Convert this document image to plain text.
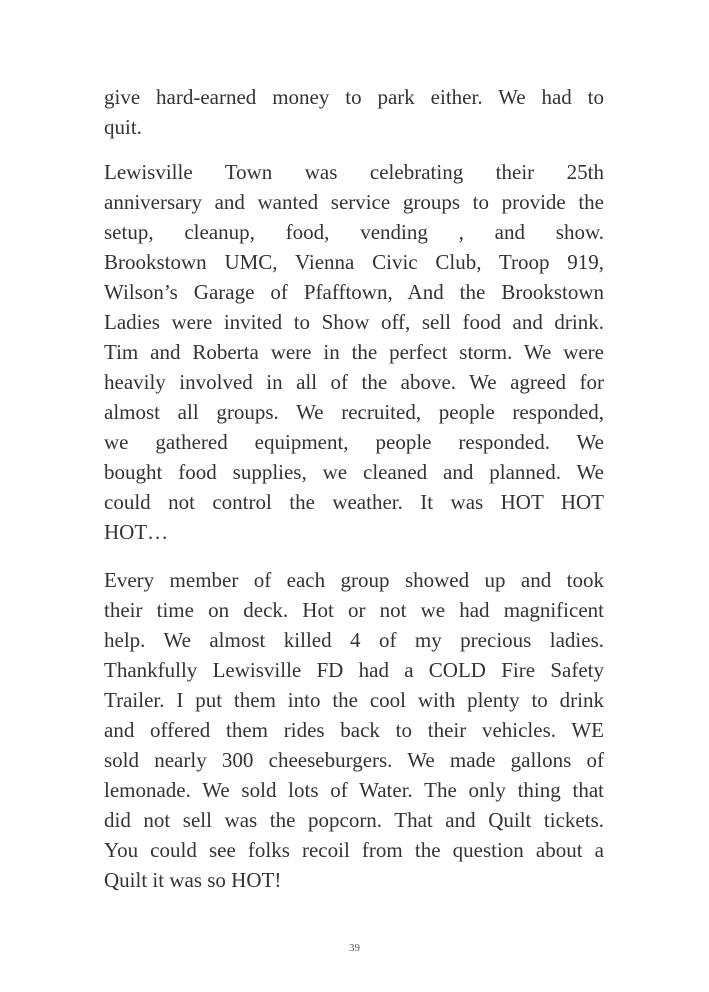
39
give hard-earned money to park either. We had to
quit.
Lewisville Town was celebrating their 25th
anniversary and wanted service groups to provide the
setup, cleanup, food, vending , and show.
Brookstown UMC, Vienna Civic Club, Troop 919,
Wilson’s Garage of Pfafftown, And the Brookstown
Ladies were invited to Show off, sell food and drink.
Tim and Roberta were in the perfect storm. We were
heavily involved in all of the above. We agreed for
almost all groups. We recruited, people responded,
we gathered equipment, people responded. We
bought food supplies, we cleaned and planned. We
could not control the weather. It was HOT HOT
HOT…
Every member of each group showed up and took
their time on deck. Hot or not we had magnificent
help. We almost killed 4 of my precious ladies.
Thankfully Lewisville FD had a COLD Fire Safety
Trailer. I put them into the cool with plenty to drink
and offered them rides back to their vehicles. WE
sold nearly 300 cheeseburgers. We made gallons of
lemonade. We sold lots of Water. The only thing that
did not sell was the popcorn. That and Quilt tickets.
You could see folks recoil from the question about a
Quilt it was so HOT!
